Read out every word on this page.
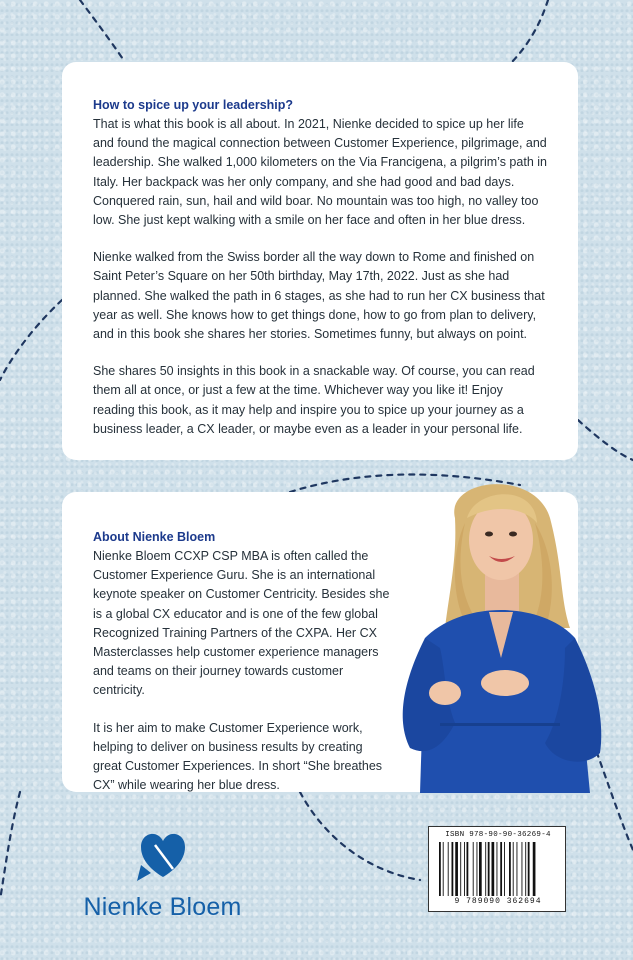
How to spice up your leadership?

That is what this book is all about. In 2021, Nienke decided to spice up her life and found the magical connection between Customer Experience, pilgrimage, and leadership. She walked 1,000 kilometers on the Via Francigena, a pilgrim’s path in Italy. Her backpack was her only company, and she had good and bad days. Conquered rain, sun, hail and wild boar. No mountain was too high, no valley too low. She just kept walking with a smile on her face and often in her blue dress.

Nienke walked from the Swiss border all the way down to Rome and finished on Saint Peter’s Square on her 50th birthday, May 17th, 2022. Just as she had planned. She walked the path in 6 stages, as she had to run her CX business that year as well. She knows how to get things done, how to go from plan to delivery, and in this book she shares her stories. Sometimes funny, but always on point.

She shares 50 insights in this book in a snackable way. Of course, you can read them all at once, or just a few at the time. Whichever way you like it! Enjoy reading this book, as it may help and inspire you to spice up your journey as a business leader, a CX leader, or maybe even as a leader in your personal life.

About Nienke Bloem

Nienke Bloem CCXP CSP MBA is often called the Customer Experience Guru. She is an international keynote speaker on Customer Centricity. Besides she is a global CX educator and is one of the few global Recognized Training Partners of the CXPA. Her CX Masterclasses help customer experience managers and teams on their journey towards customer centricity.

It is her aim to make Customer Experience work, helping to deliver on business results by creating great Customer Experiences. In short “She breathes CX” while wearing her blue dress.

Nienke Bloem
ISBN 978-90-90-36269-4
9 789090 362694
